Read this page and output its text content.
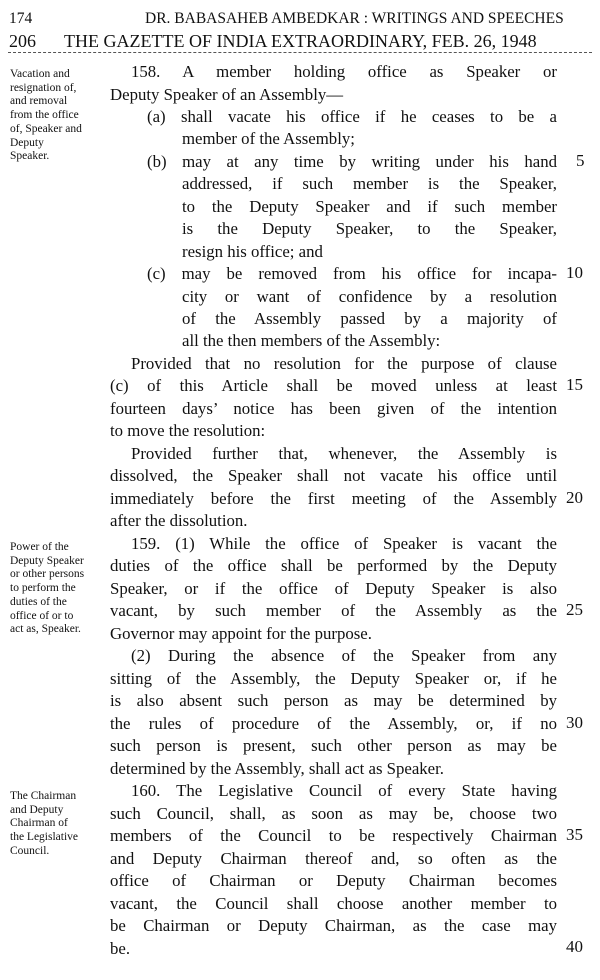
174	DR. BABASAHEB AMBEDKAR : WRITINGS AND SPEECHES
206 THE GAZETTE OF INDIA EXTRAORDINARY, FEB. 26, 1948
Vacation and
resignation of,
and removal
from the office
of, Speaker and
Deputy
Speaker.
Power of the
Deputy Speaker
or other persons
to perform the
duties of the
office of or to
act as, Speaker.
The Chairman
and Deputy
Chairman of
the Legislative
Council.
158. A member holding office as Speaker or
Deputy Speaker of an Assembly—
(a) shall vacate his office if he ceases to be a
member of the Assembly;
(b) may at any time by writing under his hand
addressed, if such member is the Speaker,
to the Deputy Speaker and if such member
is the Deputy Speaker, to the Speaker,
resign his office; and
(c) may be removed from his office for incapa-
city or want of confidence by a resolution
of the Assembly passed by a majority of
all the then members of the Assembly:
Provided that no resolution for the purpose of clause
(c) of this Article shall be moved unless at least
fourteen days’ notice has been given of the intention
to move the resolution:
Provided further that, whenever, the Assembly is
dissolved, the Speaker shall not vacate his office until
immediately before the first meeting of the Assembly
after the dissolution.
159. (1) While the office of Speaker is vacant the
duties of the office shall be performed by the Deputy
Speaker, or if the office of Deputy Speaker is also
vacant, by such member of the Assembly as the
Governor may appoint for the purpose.
(2) During the absence of the Speaker from any
sitting of the Assembly, the Deputy Speaker or, if he
is also absent such person as may be determined by
the rules of procedure of the Assembly, or, if no
such person is present, such other person as may be
determined by the Assembly, shall act as Speaker.
160. The Legislative Council of every State having
such Council, shall, as soon as may be, choose two
members of the Council to be respectively Chairman
and Deputy Chairman thereof and, so often as the
office of Chairman or Deputy Chairman becomes
vacant, the Council shall choose another member to
be Chairman or Deputy Chairman, as the case may
be.
5
10
15
20
25
30
35
40
